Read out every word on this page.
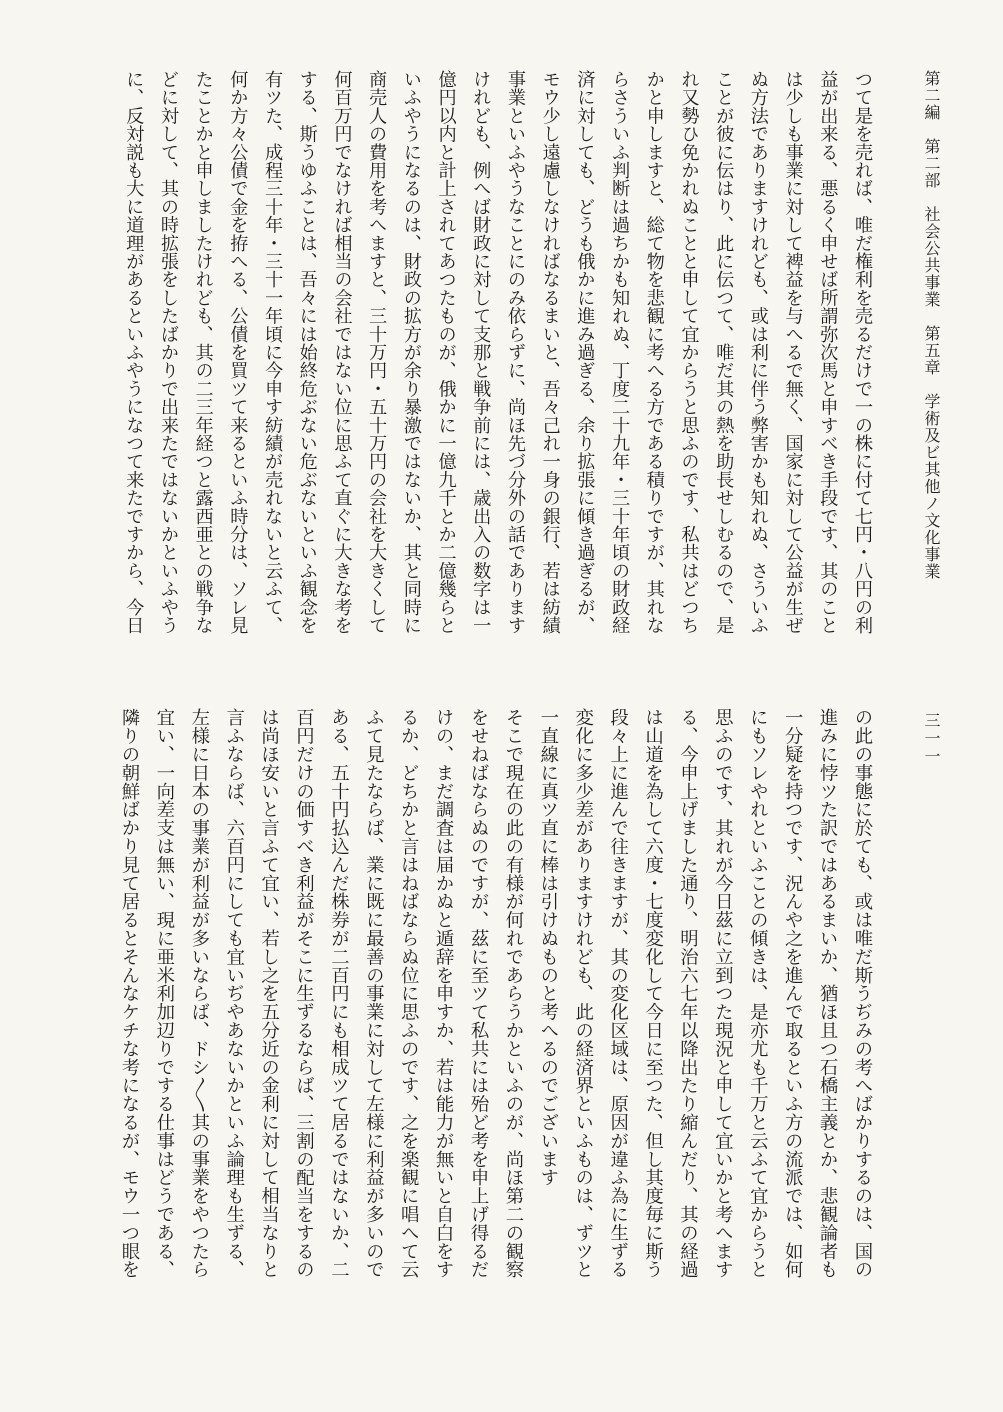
第二編　第二部　社会公共事業　第五章　学術及ビ其他ノ文化事業
三一一
つて是を売れば、唯だ権利を売るだけで一の株に付て七円・八円の利
益が出来る、悪るく申せば所謂弥次馬と申すべき手段です、其のこと
は少しも事業に対して裨益を与へるで無く、国家に対して公益が生ぜ
ぬ方法でありますけれども、或は利に伴う弊害かも知れぬ、さういふ
ことが彼に伝はり、此に伝つて、唯だ其の熱を助長せしむるので、是
れ又勢ひ免かれぬことと申して宜からうと思ふのです、私共はどつち
かと申しますと、総て物を悲観に考へる方である積りですが、其れな
らさういふ判断は過ちかも知れぬ、丁度二十九年・三十年頃の財政経
済に対しても、どうも俄かに進み過ぎる、余り拡張に傾き過ぎるが、
モウ少し遠慮しなければなるまいと、吾々己れ一身の銀行、若は紡績
事業といふやうなことにのみ依らずに、尚ほ先づ分外の話であります
けれども、例へば財政に対して支那と戦争前には、歳出入の数字は一
億円以内と計上されてあつたものが、俄かに一億九千とか二億幾らと
いふやうになるのは、財政の拡方が余り暴激ではないか、其と同時に
商売人の費用を考へますと、三十万円・五十万円の会社を大きくして
何百万円でなければ相当の会社ではない位に思ふて直ぐに大きな考を
する、斯うゆふことは、吾々には始終危ぶない危ぶないといふ観念を
有ツた、成程三十年・三十一年頃に今申す紡績が売れないと云ふて、
何か方々公債で金を拵へる、公債を買ツて来るといふ時分は、ソレ見
たことかと申しましたけれども、其の二三年経つと露西亜との戦争な
どに対して、其の時拡張をしたばかりで出来たではないかといふやう
に、反対説も大に道理があるといふやうになつて来たですから、今日
の此の事態に於ても、或は唯だ斯うぢみの考へばかりするのは、国の
進みに悖ツた訳ではあるまいか、猶ほ且つ石橋主義とか、悲観論者も
一分疑を持つです、況んや之を進んで取るといふ方の流派では、如何
にもソレやれといふことの傾きは、是亦尤も千万と云ふて宜からうと
思ふのです、其れが今日茲に立到つた現況と申して宜いかと考へます
る、今申上げました通り、明治六七年以降出たり縮んだり、其の経過
は山道を為して六度・七度変化して今日に至つた、但し其度毎に斯う
段々上に進んで往きますが、其の変化区域は、原因が違ふ為に生ずる
変化に多少差がありますけれども、此の経済界といふものは、ずツと
一直線に真ツ直に棒は引けぬものと考へるのでございます
そこで現在の此の有様が何れであらうかといふのが、尚ほ第二の観察
をせねばならぬのですが、茲に至ツて私共には殆ど考を申上げ得るだ
けの、まだ調査は届かぬと遁辞を申すか、若は能力が無いと自白をす
るか、どちかと言はねばならぬ位に思ふのです、之を楽観に唱へて云
ふて見たならば、業に既に最善の事業に対して左様に利益が多いので
ある、五十円払込んだ株券が二百円にも相成ツて居るではないか、二
百円だけの価すべき利益がそこに生ずるならば、三割の配当をするの
は尚ほ安いと言ふて宜い、若し之を五分近の金利に対して相当なりと
言ふならば、六百円にしても宜いぢやあないかといふ論理も生ずる、
左様に日本の事業が利益が多いならば、ドシ〳〵其の事業をやつたら
宜い、一向差支は無い、現に亜米利加辺りでする仕事はどうである、
隣りの朝鮮ばかり見て居るとそんなケチな考になるが、モウ一つ眼を
